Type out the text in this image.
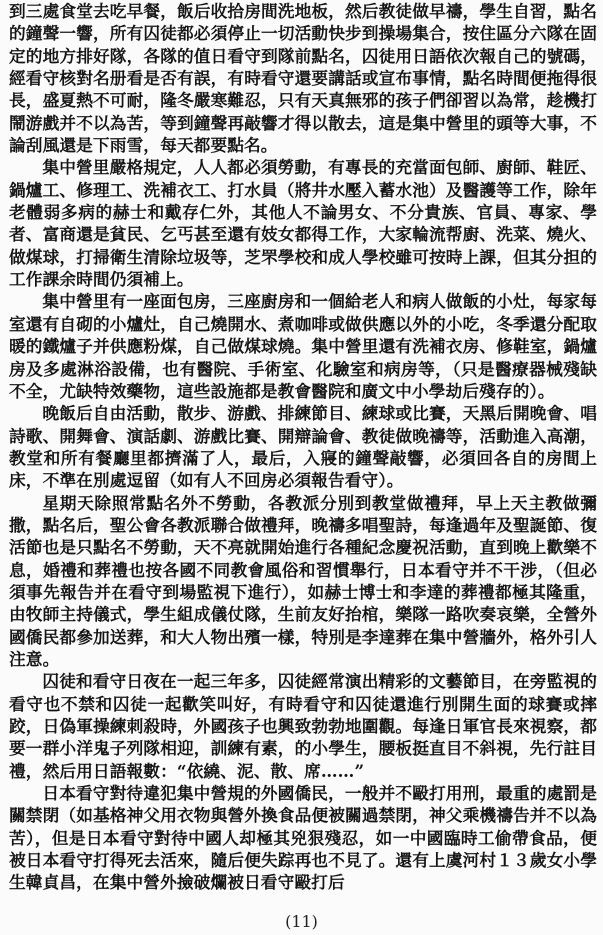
到三處食堂去吃早餐，飯后收拾房間洗地板，然后教徒做早禱，學生自習，點名的鐘聲一響，所有囚徒都必須停止一切活動快步到操場集合，按住區分六隊在固定的地方排好隊，各隊的值日看守到隊前點名，囚徒用日語依次報自己的號碼，經看守核對名册看是否有誤，有時看守還要講話或宣布事情，點名時間便拖得很長，盛夏熱不可耐，隆冬嚴寒難忍，只有天真無邪的孩子們卻習以為常，趁機打鬧游戲并不以為苦，等到鐘聲再敲響才得以散去，這是集中營里的頭等大事，不論刮風還是下雨雪，每天都要點名。

集中營里嚴格規定，人人都必須勞動，有專長的充當面包師、廚師、鞋匠、鍋爐工、修理工、洗補衣工、打水員（將井水壓入蓄水池）及醫護等工作，除年老體弱多病的赫士和戴存仁外，其他人不論男女、不分貴族、官員、專家、學者、富商還是貧民、乞丐甚至還有妓女都得工作，大家輪流帮廚、洗菜、燒火、做煤球，打掃衛生清除垃圾等，芝罘學校和成人學校雖可按時上課，但其分担的工作課余時間仍須補上。

集中營里有一座面包房，三座廚房和一個給老人和病人做飯的小灶，每家每室還有自砌的小爐灶，自己燒開水、煮咖啡或做供應以外的小吃，冬季還分配取暖的鐵爐子并供應粉煤，自己做煤球燒。集中營里還有洗補衣房、修鞋室，鍋爐房及多處淋浴設備，也有醫院、手術室、化驗室和病房等，（只是醫療器械殘缺不全，尤缺特效藥物，這些設施都是教會醫院和廣文中小學劫后殘存的）。

晚飯后自由活動，散步、游戲、排練節目、練球或比賽，天黑后開晚會、唱詩歌、開舞會、演話劇、游戲比賽、開辯論會、教徒做晚禱等，活動進入高潮，教堂和所有餐廳里都擠滿了人，最后，入寢的鐘聲敲響，必須回各自的房間上床，不準在別處逗留（如有人不回房必須報告看守）。

星期天除照常點名外不勞動，各教派分別到教堂做禮拜，早上天主教做彌撒，點名后，聖公會各教派聯合做禮拜，晚禱多唱聖詩，每逢過年及聖誕節、復活節也是只點名不勞動，天不亮就開始進行各種紀念慶祝活動，直到晚上歡樂不息，婚禮和葬禮也按各國不同教會風俗和習慣舉行，日本看守并不干涉，（但必須事先報告并在看守到場監視下進行），如赫士博士和李達的葬禮都極其隆重，由牧師主持儀式，學生組成儀仗隊，生前友好抬棺，樂隊一路吹奏哀樂，全營外國僑民都參加送葬，和大人物出殯一樣，特別是李達葬在集中營牆外，格外引人注意。

囚徒和看守日夜在一起三年多，囚徒經常演出精彩的文藝節目，在旁監視的看守也不禁和囚徒一起歡笑叫好，有時看守和囚徒還進行別開生面的球賽或摔跤，日偽軍操練刺殺時，外國孩子也興致勃勃地圍觀。每逢日軍官長來視察，都要一群小洋鬼子列隊相迎，訓練有素，的小學生，腰板挺直目不斜視，先行註目禮，然后用日語報數：“依繞、泥、散、席……”

日本看守對待違犯集中營規的外國僑民，一般并不毆打用刑，最重的處罰是關禁閉（如基格神父用衣物與營外換食品便被關過禁閉，神父乘機禱告并不以為苦），但是日本看守對待中國人却極其兇狠殘忍，如一中國臨時工偷帶食品，便被日本看守打得死去活來，隨后便失踪再也不見了。還有上虞河村１３歲女小學生韓貞昌，在集中營外撿破爛被日看守毆打后

(11)
